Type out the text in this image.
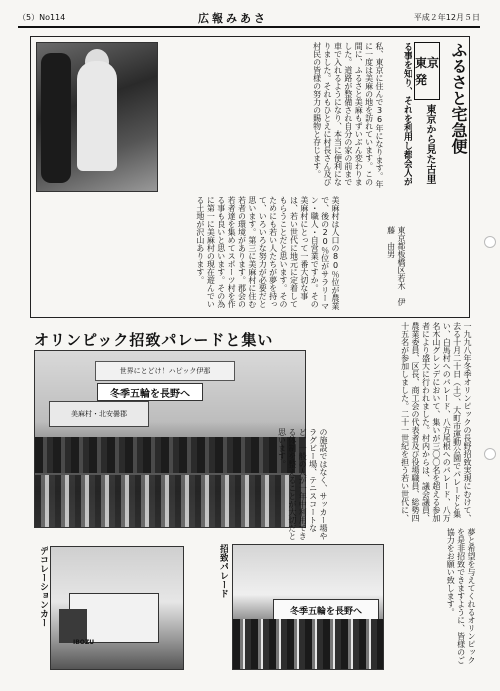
（5）No114	広報みあさ	平成２年12月５日
東京発	ふるさと宅急便
東京から見た古里
る事を知り、それを利用し都会人が
私、東京に住んで36年になります。年に一度は美麻の地を訪れています。この間に、ふるさと美麻もずいぶん変わりました。道路が整備され自分の家の前まで車で入れるようになり、本当に便利になりました。それもひとえに村長さん及び村民の皆様の努力の賜物と存じます。
美麻村は人口の80％位が農業で、後の20％位がサラリーマン・職人・自営業ですか。その美麻村にとって一番大切な事は、若い世代に地元に定着してもらうことだと思います。そのためにも若い人たちが夢を持って、いろいろな努力が必要だと思います。第三に美麻村に住む若者の環境があります。郡会の若者達を集めてスポーツ村を作る事も良いと思います。その為に第一に美麻村の現在遊んでいる土地が沢山あります。	東京都板橋区若木　伊藤　由男
オリンピック招致パレードと集い
世界にとどけ！ハピック伊那
冬季五輪を長野へ
美麻村・北安曇郡	一九九八年冬季オリンピックの長野招致実現にむけて、去る十月二十日（土）、大町市運動公園でパレードと集い、白馬村へのパレード、八方尾根へのパレード、八万名木山グレンデにおいて、集いが三〇〇名を超える参加者により盛大に行われました。村内からは、議会議員、農業委員、区長、商工会の代表者及び役場職員、総勢四十五名が参加しました。二十一世紀を担う若い世代に、
の施設ではなく、サッカー場やラグビー場、テニスコートなど、一般の人が一年中利用できる体制を整えることが大切だと思います。
デコレーションカー
IBOZU
招致パレード
冬季五輪を長野へ	夢と希望を与えてくれるオリンピックを是非招致できますように、皆様のご協力をお願い致します。
